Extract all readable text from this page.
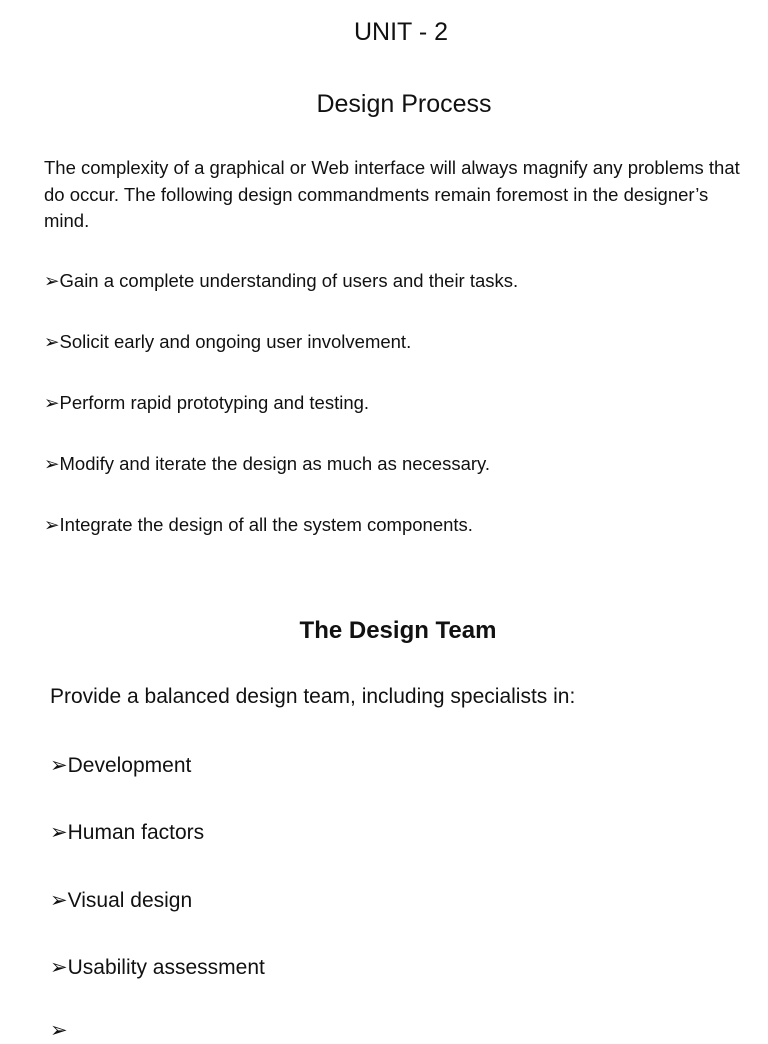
UNIT - 2
Design Process
The complexity of a graphical or Web interface will always magnify any problems that do occur. The following design commandments remain foremost in the designer’s mind.
➢Gain a complete understanding of users and their tasks.
➢Solicit early and ongoing user involvement.
➢Perform rapid prototyping and testing.
➢Modify and iterate the design as much as necessary.
➢Integrate the design of all the system components.
The Design Team
Provide a balanced design team, including specialists in:
➢Development
➢Human factors
➢Visual design
➢Usability assessment
➢
